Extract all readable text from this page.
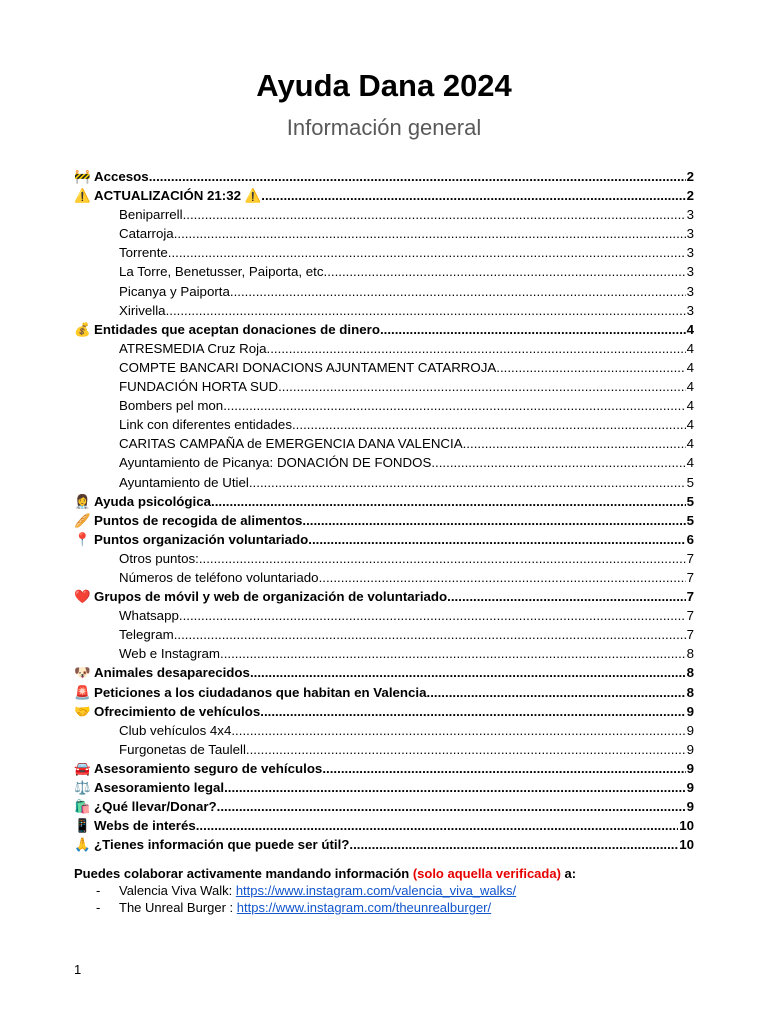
Ayuda Dana 2024
Información general
🚧 Accesos .....	2
⚠️ ACTUALIZACIÓN 21:32 ⚠️ .....	2
Beniparrell .....	3
Catarroja .....	3
Torrente .....	3
La Torre, Benetusser, Paiporta, etc .....	3
Picanya y Paiporta .....	3
Xirivella .....	3
💰 Entidades que aceptan donaciones de dinero .....	4
ATRESMEDIA Cruz Roja .....	4
COMPTE BANCARI DONACIONS AJUNTAMENT CATARROJA .....	4
FUNDACIÓN HORTA SUD .....	4
Bombers pel mon .....	4
Link con diferentes entidades .....	4
CARITAS CAMPAÑA de EMERGENCIA DANA VALENCIA .....	4
Ayuntamiento de Picanya: DONACIÓN DE FONDOS .....	4
Ayuntamiento de Utiel .....	5
👩‍⚕️ Ayuda psicológica .....	5
🥖 Puntos de recogida de alimentos .....	5
📍 Puntos organización voluntariado .....	6
Otros puntos: .....	7
Números de teléfono voluntariado .....	7
❤️ Grupos de móvil y web de organización de voluntariado .....	7
Whatsapp .....	7
Telegram .....	7
Web e Instagram .....	8
🐶 Animales desaparecidos .....	8
🚨 Peticiones a los ciudadanos que habitan en Valencia .....	8
🤝 Ofrecimiento de vehículos .....	9
Club vehículos 4x4 .....	9
Furgonetas de Taulell .....	9
🚘 Asesoramiento seguro de vehículos .....	9
⚖️ Asesoramiento legal .....	9
🛍️ ¿Qué llevar/Donar? .....	9
📱 Webs de interés .....	10
🙏 ¿Tienes información que puede ser útil? .....	10
Puedes colaborar activamente mandando información (solo aquella verificada) a:
-	Valencia Viva Walk: https://www.instagram.com/valencia_viva_walks/
-	The Unreal Burger : https://www.instagram.com/theunrealburger/
1
